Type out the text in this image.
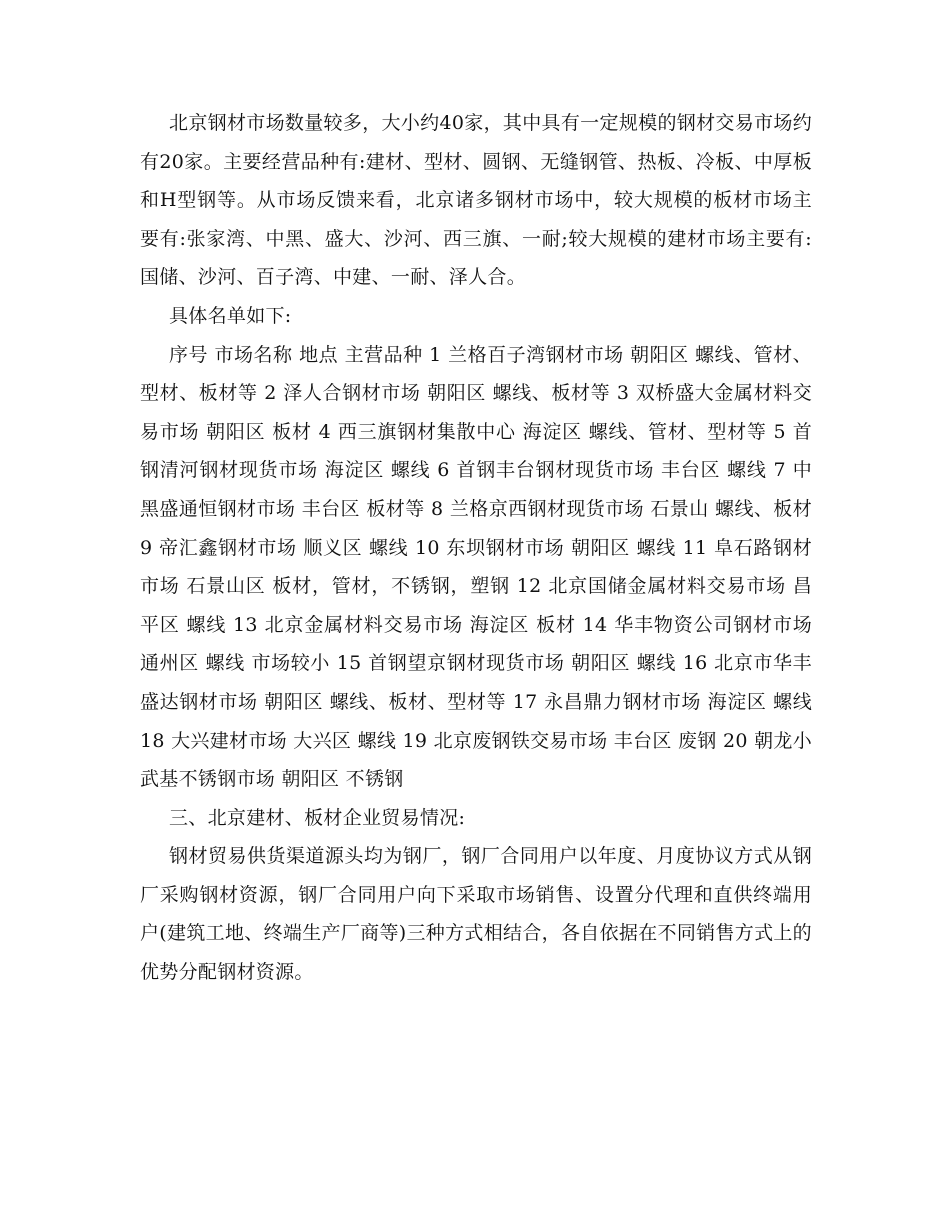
北京钢材市场数量较多，大小约40家，其中具有一定规模的钢材交易市场约有20家。主要经营品种有:建材、型材、圆钢、无缝钢管、热板、冷板、中厚板和H型钢等。从市场反馈来看，北京诸多钢材市场中，较大规模的板材市场主要有:张家湾、中黑、盛大、沙河、西三旗、一耐;较大规模的建材市场主要有:国储、沙河、百子湾、中建、一耐、泽人合。

具体名单如下:

序号 市场名称 地点 主营品种 1 兰格百子湾钢材市场 朝阳区 螺线、管材、型材、板材等 2 泽人合钢材市场 朝阳区 螺线、板材等 3 双桥盛大金属材料交易市场 朝阳区 板材 4 西三旗钢材集散中心 海淀区 螺线、管材、型材等 5 首钢清河钢材现货市场 海淀区 螺线 6 首钢丰台钢材现货市场 丰台区 螺线 7 中黑盛通恒钢材市场 丰台区 板材等 8 兰格京西钢材现货市场 石景山 螺线、板材 9 帝汇鑫钢材市场 顺义区 螺线 10 东坝钢材市场 朝阳区 螺线 11 阜石路钢材市场 石景山区 板材，管材，不锈钢，塑钢 12 北京国储金属材料交易市场 昌平区 螺线 13 北京金属材料交易市场 海淀区 板材 14 华丰物资公司钢材市场 通州区 螺线 市场较小 15 首钢望京钢材现货市场 朝阳区 螺线 16 北京市华丰盛达钢材市场 朝阳区 螺线、板材、型材等 17 永昌鼎力钢材市场 海淀区 螺线 18 大兴建材市场 大兴区 螺线 19 北京废钢铁交易市场 丰台区 废钢 20 朝龙小武基不锈钢市场 朝阳区 不锈钢

三、北京建材、板材企业贸易情况:

钢材贸易供货渠道源头均为钢厂，钢厂合同用户以年度、月度协议方式从钢厂采购钢材资源，钢厂合同用户向下采取市场销售、设置分代理和直供终端用户(建筑工地、终端生产厂商等)三种方式相结合，各自依据在不同销售方式上的优势分配钢材资源。
